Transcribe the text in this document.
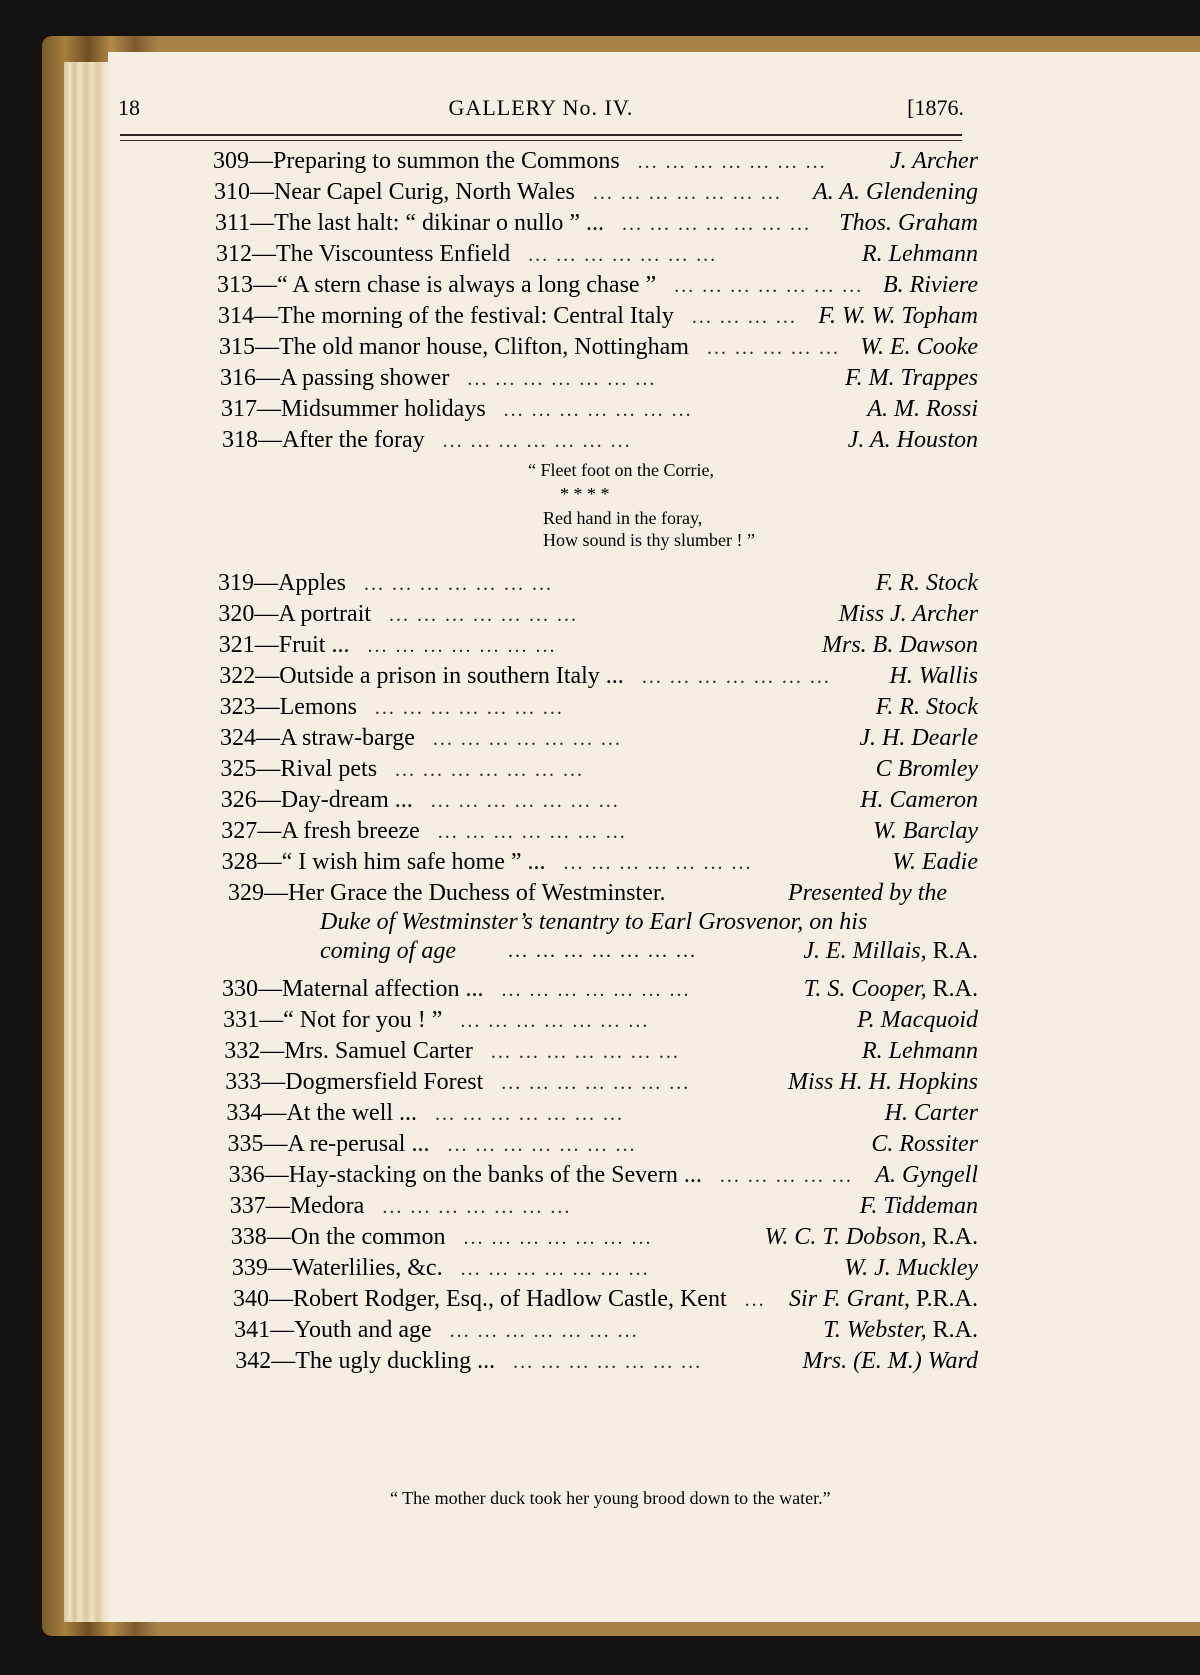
18	GALLERY No. IV.	[1876.
309—Preparing to summon the Commons ... ... ... ... ... ... ...	J. Archer
310—Near Capel Curig, North Wales ... ... ... ... ... ... ... A. A. Glendening
311—The last halt: “ dikinar o nullo ” ... ... ... ... ... ... ... ... Thos. Graham
312—The Viscountess Enfield ... ... ... ... ... ... ...	R. Lehmann
313—“ A stern chase is always a long chase ” ... ... ... ... ... ... ... B. Riviere
314—The morning of the festival: Central Italy ... ... ... ... F. W. W. Topham
315—The old manor house, Clifton, Nottingham ... ... ... ... ... W. E. Cooke
316—A passing shower ... ... ... ... ... ... ...	F. M. Trappes
317—Midsummer holidays ... ... ... ... ... ... ...	A. M. Rossi
318—After the foray ... ... ... ... ... ... ...	J. A. Houston
“ Fleet foot on the Corrie,
* * * *
Red hand in the foray,
How sound is thy slumber ! ”
319—Apples ... ... ... ... ... ... ...	F. R. Stock
320—A portrait ... ... ... ... ... ... ...	Miss J. Archer
321—Fruit ... ... ... ... ... ... ... ...	Mrs. B. Dawson
322—Outside a prison in southern Italy ... ... ... ... ... ... ... ... H. Wallis
323—Lemons ... ... ... ... ... ... ...	F. R. Stock
324—A straw-barge ... ... ... ... ... ... ...	J. H. Dearle
325—Rival pets ... ... ... ... ... ... ...	C Bromley
326—Day-dream ... ... ... ... ... ... ... ...	H. Cameron
327—A fresh breeze ... ... ... ... ... ... ...	W. Barclay
328—“ I wish him safe home ” ... ... ... ... ... ... ... ...	W. Eadie
329—Her Grace the Duchess of Westminster.	Presented by the
Duke of Westminster’s tenantry to Earl Grosvenor, on his
coming of age	... ... ... ... ... ... ...	J. E. Millais, R.A.
330—Maternal affection ... ... ... ... ... ... ... ...	T. S. Cooper, R.A.
331—“ Not for you ! ” ... ... ... ... ... ... ...	P. Macquoid
332—Mrs. Samuel Carter ... ... ... ... ... ... ...	R. Lehmann
333—Dogmersfield Forest ... ... ... ... ... ... ...	Miss H. H. Hopkins
334—At the well ... ... ... ... ... ... ... ...	H. Carter
335—A re-perusal ... ... ... ... ... ... ... ...	C. Rossiter
336—Hay-stacking on the banks of the Severn ... ... ... ... ... ... A. Gyngell
337—Medora ... ... ... ... ... ... ...	F. Tiddeman
338—On the common ... ... ... ... ... ... ...	W. C. T. Dobson, R.A.
339—Waterlilies, &c. ... ... ... ... ... ... ...	W. J. Muckley
340—Robert Rodger, Esq., of Hadlow Castle, Kent ... Sir F. Grant, P.R.A.
341—Youth and age ... ... ... ... ... ... ...	T. Webster, R.A.
342—The ugly duckling ... ... ... ... ... ... ... ...	Mrs. (E. M.) Ward
“ The mother duck took her young brood down to the water.”
